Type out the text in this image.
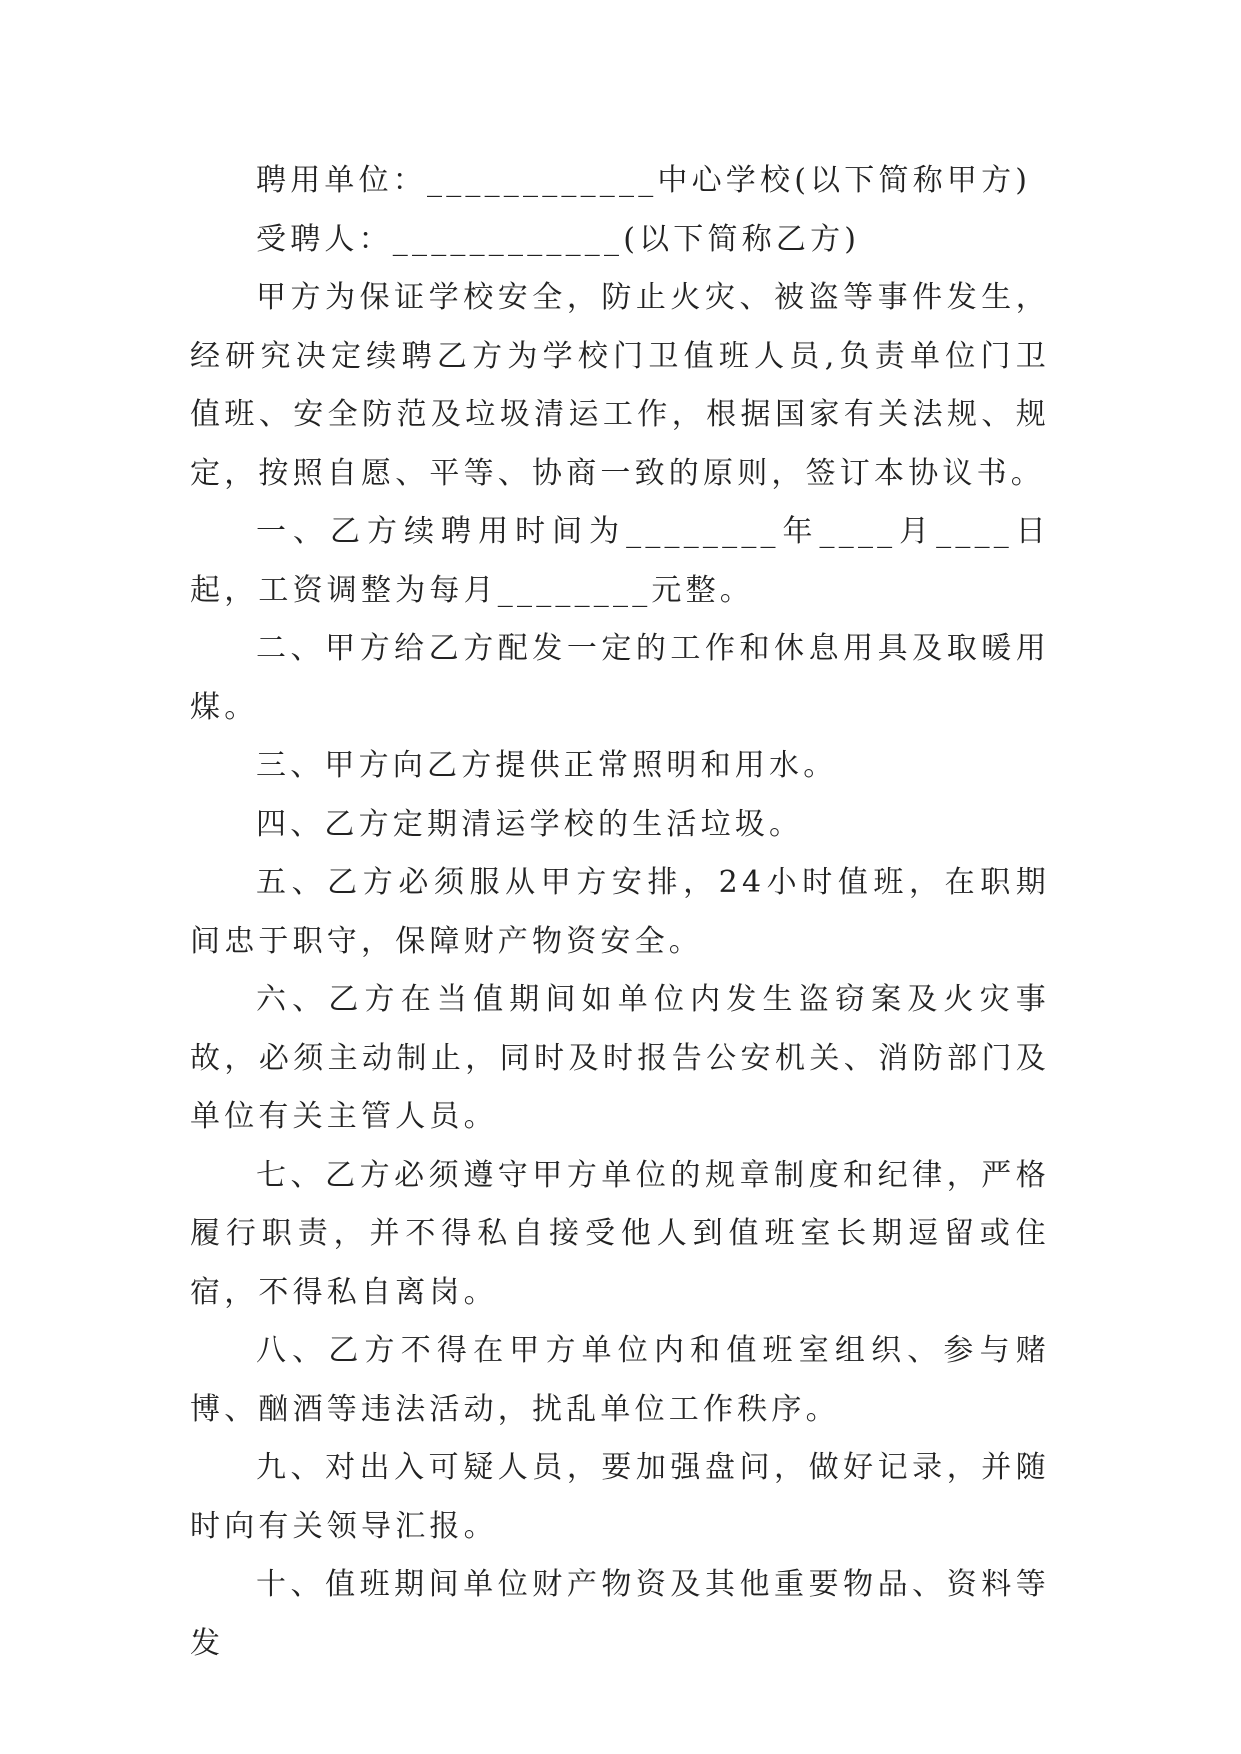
聘用单位：____________中心学校(以下简称甲方)

受聘人：____________(以下简称乙方)

甲方为保证学校安全，防止火灾、被盗等事件发生，经研究决定续聘乙方为学校门卫值班人员,负责单位门卫值班、安全防范及垃圾清运工作，根据国家有关法规、规定，按照自愿、平等、协商一致的原则，签订本协议书。

一、乙方续聘用时间为________年____月____日起，工资调整为每月________元整。

二、甲方给乙方配发一定的工作和休息用具及取暖用煤。

三、甲方向乙方提供正常照明和用水。

四、乙方定期清运学校的生活垃圾。

五、乙方必须服从甲方安排，24小时值班，在职期间忠于职守，保障财产物资安全。

六、乙方在当值期间如单位内发生盗窃案及火灾事故，必须主动制止，同时及时报告公安机关、消防部门及单位有关主管人员。

七、乙方必须遵守甲方单位的规章制度和纪律，严格履行职责，并不得私自接受他人到值班室长期逗留或住宿，不得私自离岗。

八、乙方不得在甲方单位内和值班室组织、参与赌博、酗酒等违法活动，扰乱单位工作秩序。

九、对出入可疑人员，要加强盘问，做好记录，并随时向有关领导汇报。

十、值班期间单位财产物资及其他重要物品、资料等发
